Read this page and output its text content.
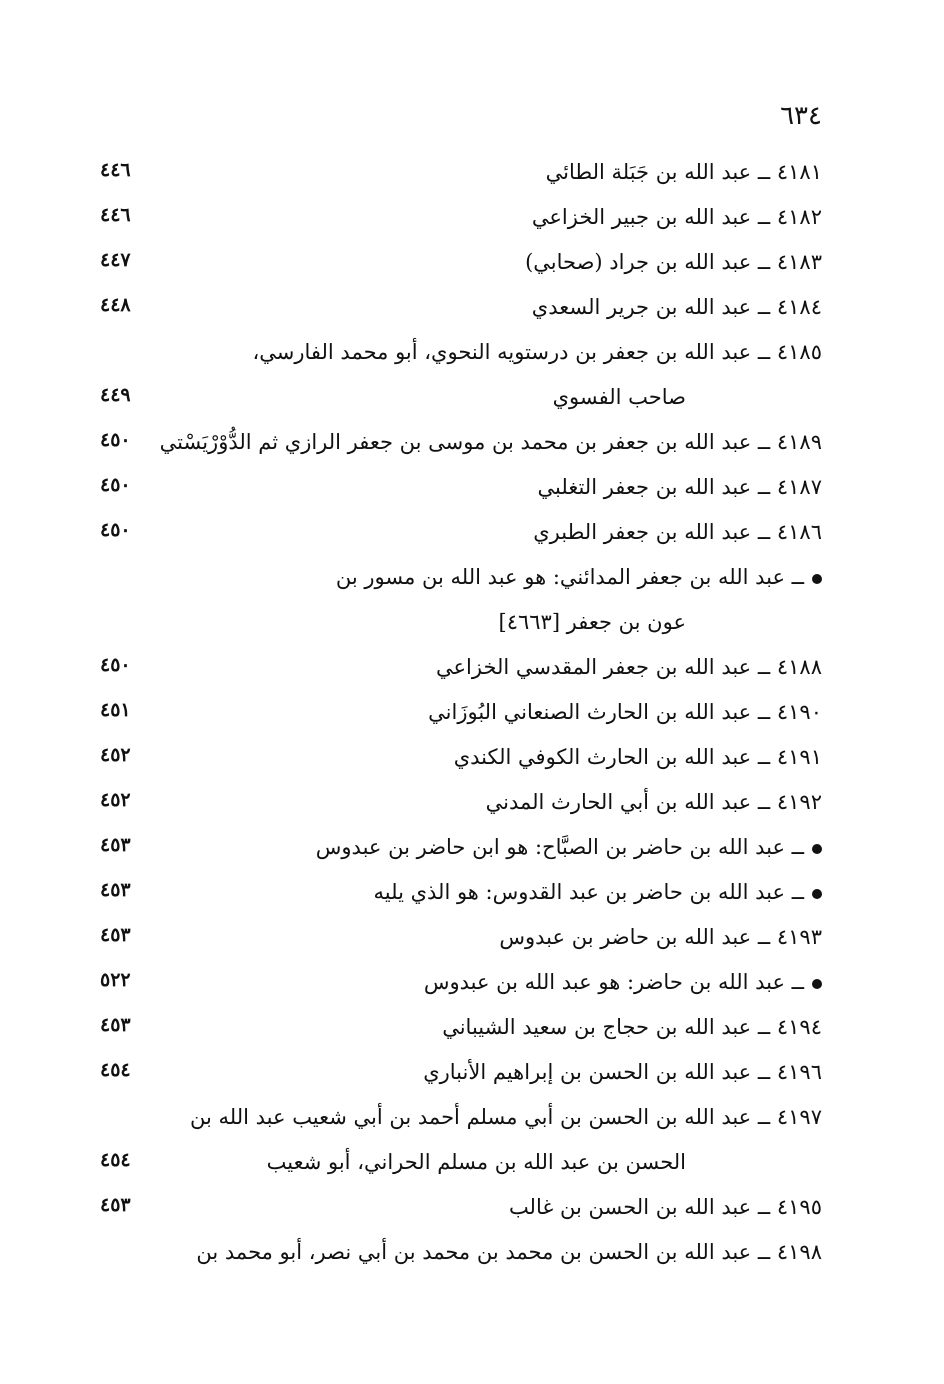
٦٣٤
٤١٨١ ــ عبد الله بن جَبَلة الطائي
٤٤٦
٤١٨٢ ــ عبد الله بن جبير الخزاعي
٤٤٦
٤١٨٣ ــ عبد الله بن جراد (صحابي)
٤٤٧
٤١٨٤ ــ عبد الله بن جرير السعدي
٤٤٨
٤١٨٥ ــ عبد الله بن جعفر بن درستويه النحوي، أبو محمد الفارسي،
صاحب الفسوي
٤٤٩
٤١٨٩ ــ عبد الله بن جعفر بن محمد بن موسى بن جعفر الرازي ثم الدُّوْرْيَسْتي
٤٥٠
٤١٨٧ ــ عبد الله بن جعفر التغلبي
٤٥٠
٤١٨٦ ــ عبد الله بن جعفر الطبري
٤٥٠
ــ عبد الله بن جعفر المدائني: هو عبد الله بن مسور بن
عون بن جعفر [٤٦٦٣]
٤١٨٨ ــ عبد الله بن جعفر المقدسي الخزاعي
٤٥٠
٤١٩٠ ــ عبد الله بن الحارث الصنعاني البُوزَاني
٤٥١
٤١٩١ ــ عبد الله بن الحارث الكوفي الكندي
٤٥٢
٤١٩٢ ــ عبد الله بن أبي الحارث المدني
٤٥٢
ــ عبد الله بن حاضر بن الصبَّاح: هو ابن حاضر بن عبدوس
٤٥٣
ــ عبد الله بن حاضر بن عبد القدوس: هو الذي يليه
٤٥٣
٤١٩٣ ــ عبد الله بن حاضر بن عبدوس
٤٥٣
ــ عبد الله بن حاضر: هو عبد الله بن عبدوس
٥٢٢
٤١٩٤ ــ عبد الله بن حجاج بن سعيد الشيباني
٤٥٣
٤١٩٦ ــ عبد الله بن الحسن بن إبراهيم الأنباري
٤٥٤
٤١٩٧ ــ عبد الله بن الحسن بن أبي مسلم أحمد بن أبي شعيب عبد الله بن
الحسن بن عبد الله بن مسلم الحراني، أبو شعيب
٤٥٤
٤١٩٥ ــ عبد الله بن الحسن بن غالب
٤٥٣
٤١٩٨ ــ عبد الله بن الحسن بن محمد بن محمد بن أبي نصر، أبو محمد بن
